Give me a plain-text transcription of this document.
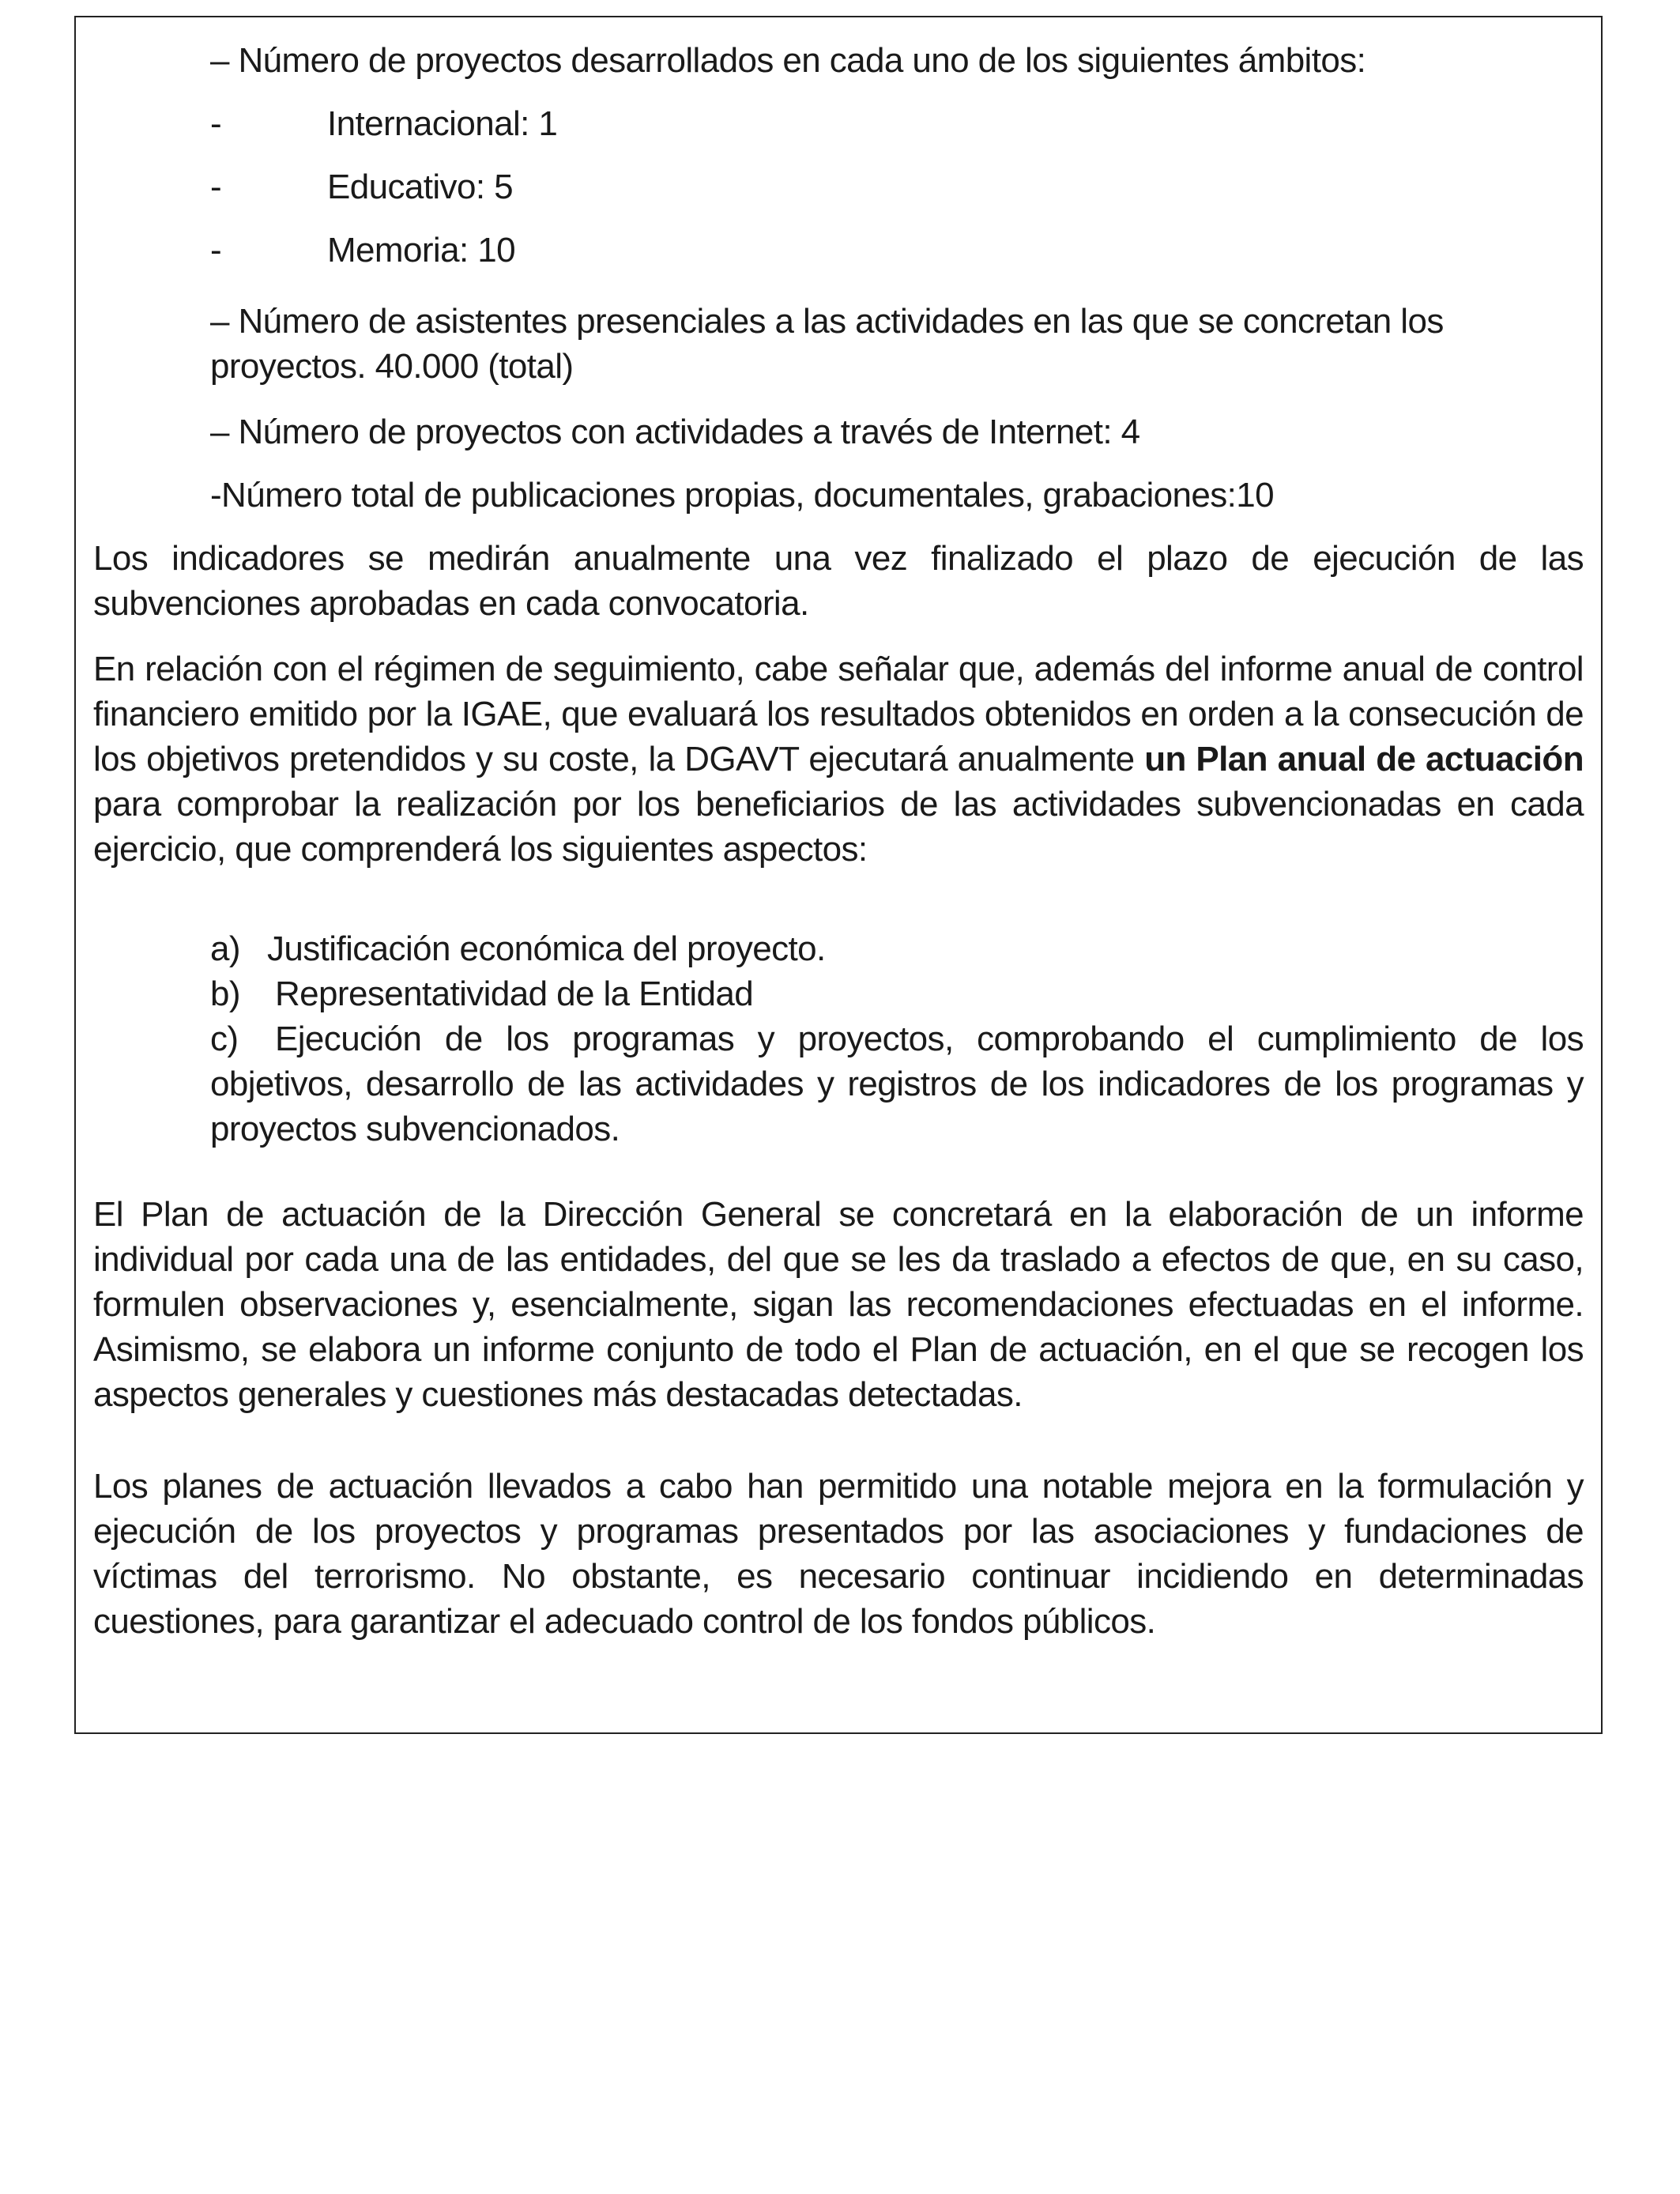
– Número de proyectos desarrollados en cada uno de los siguientes ámbitos:
-	Internacional: 1
-	Educativo: 5
-	Memoria: 10
– Número de asistentes presenciales a las actividades en las que se concretan los proyectos. 40.000 (total)
– Número de proyectos con actividades a través de Internet: 4
-Número total de publicaciones propias, documentales, grabaciones:10
Los indicadores se medirán anualmente una vez finalizado el plazo de ejecución de las subvenciones aprobadas en cada convocatoria.
En relación con el régimen de seguimiento, cabe señalar que, además del informe anual de control financiero emitido por la IGAE, que evaluará los resultados obtenidos en orden a la consecución de los objetivos pretendidos y su coste, la DGAVT ejecutará anualmente un Plan anual de actuación para comprobar la realización por los beneficiarios de las actividades subvencionadas en cada ejercicio, que comprenderá los siguientes aspectos:
a) Justificación económica del proyecto.
b) Representatividad de la Entidad
c) Ejecución de los programas y proyectos, comprobando el cumplimiento de los objetivos, desarrollo de las actividades y registros de los indicadores de los programas y proyectos subvencionados.
El Plan de actuación de la Dirección General se concretará en la elaboración de un informe individual por cada una de las entidades, del que se les da traslado a efectos de que, en su caso, formulen observaciones y, esencialmente, sigan las recomendaciones efectuadas en el informe. Asimismo, se elabora un informe conjunto de todo el Plan de actuación, en el que se recogen los aspectos generales y cuestiones más destacadas detectadas.
Los planes de actuación llevados a cabo han permitido una notable mejora en la formulación y ejecución de los proyectos y programas presentados por las asociaciones y fundaciones de víctimas del terrorismo. No obstante, es necesario continuar incidiendo en determinadas cuestiones, para garantizar el adecuado control de los fondos públicos.
